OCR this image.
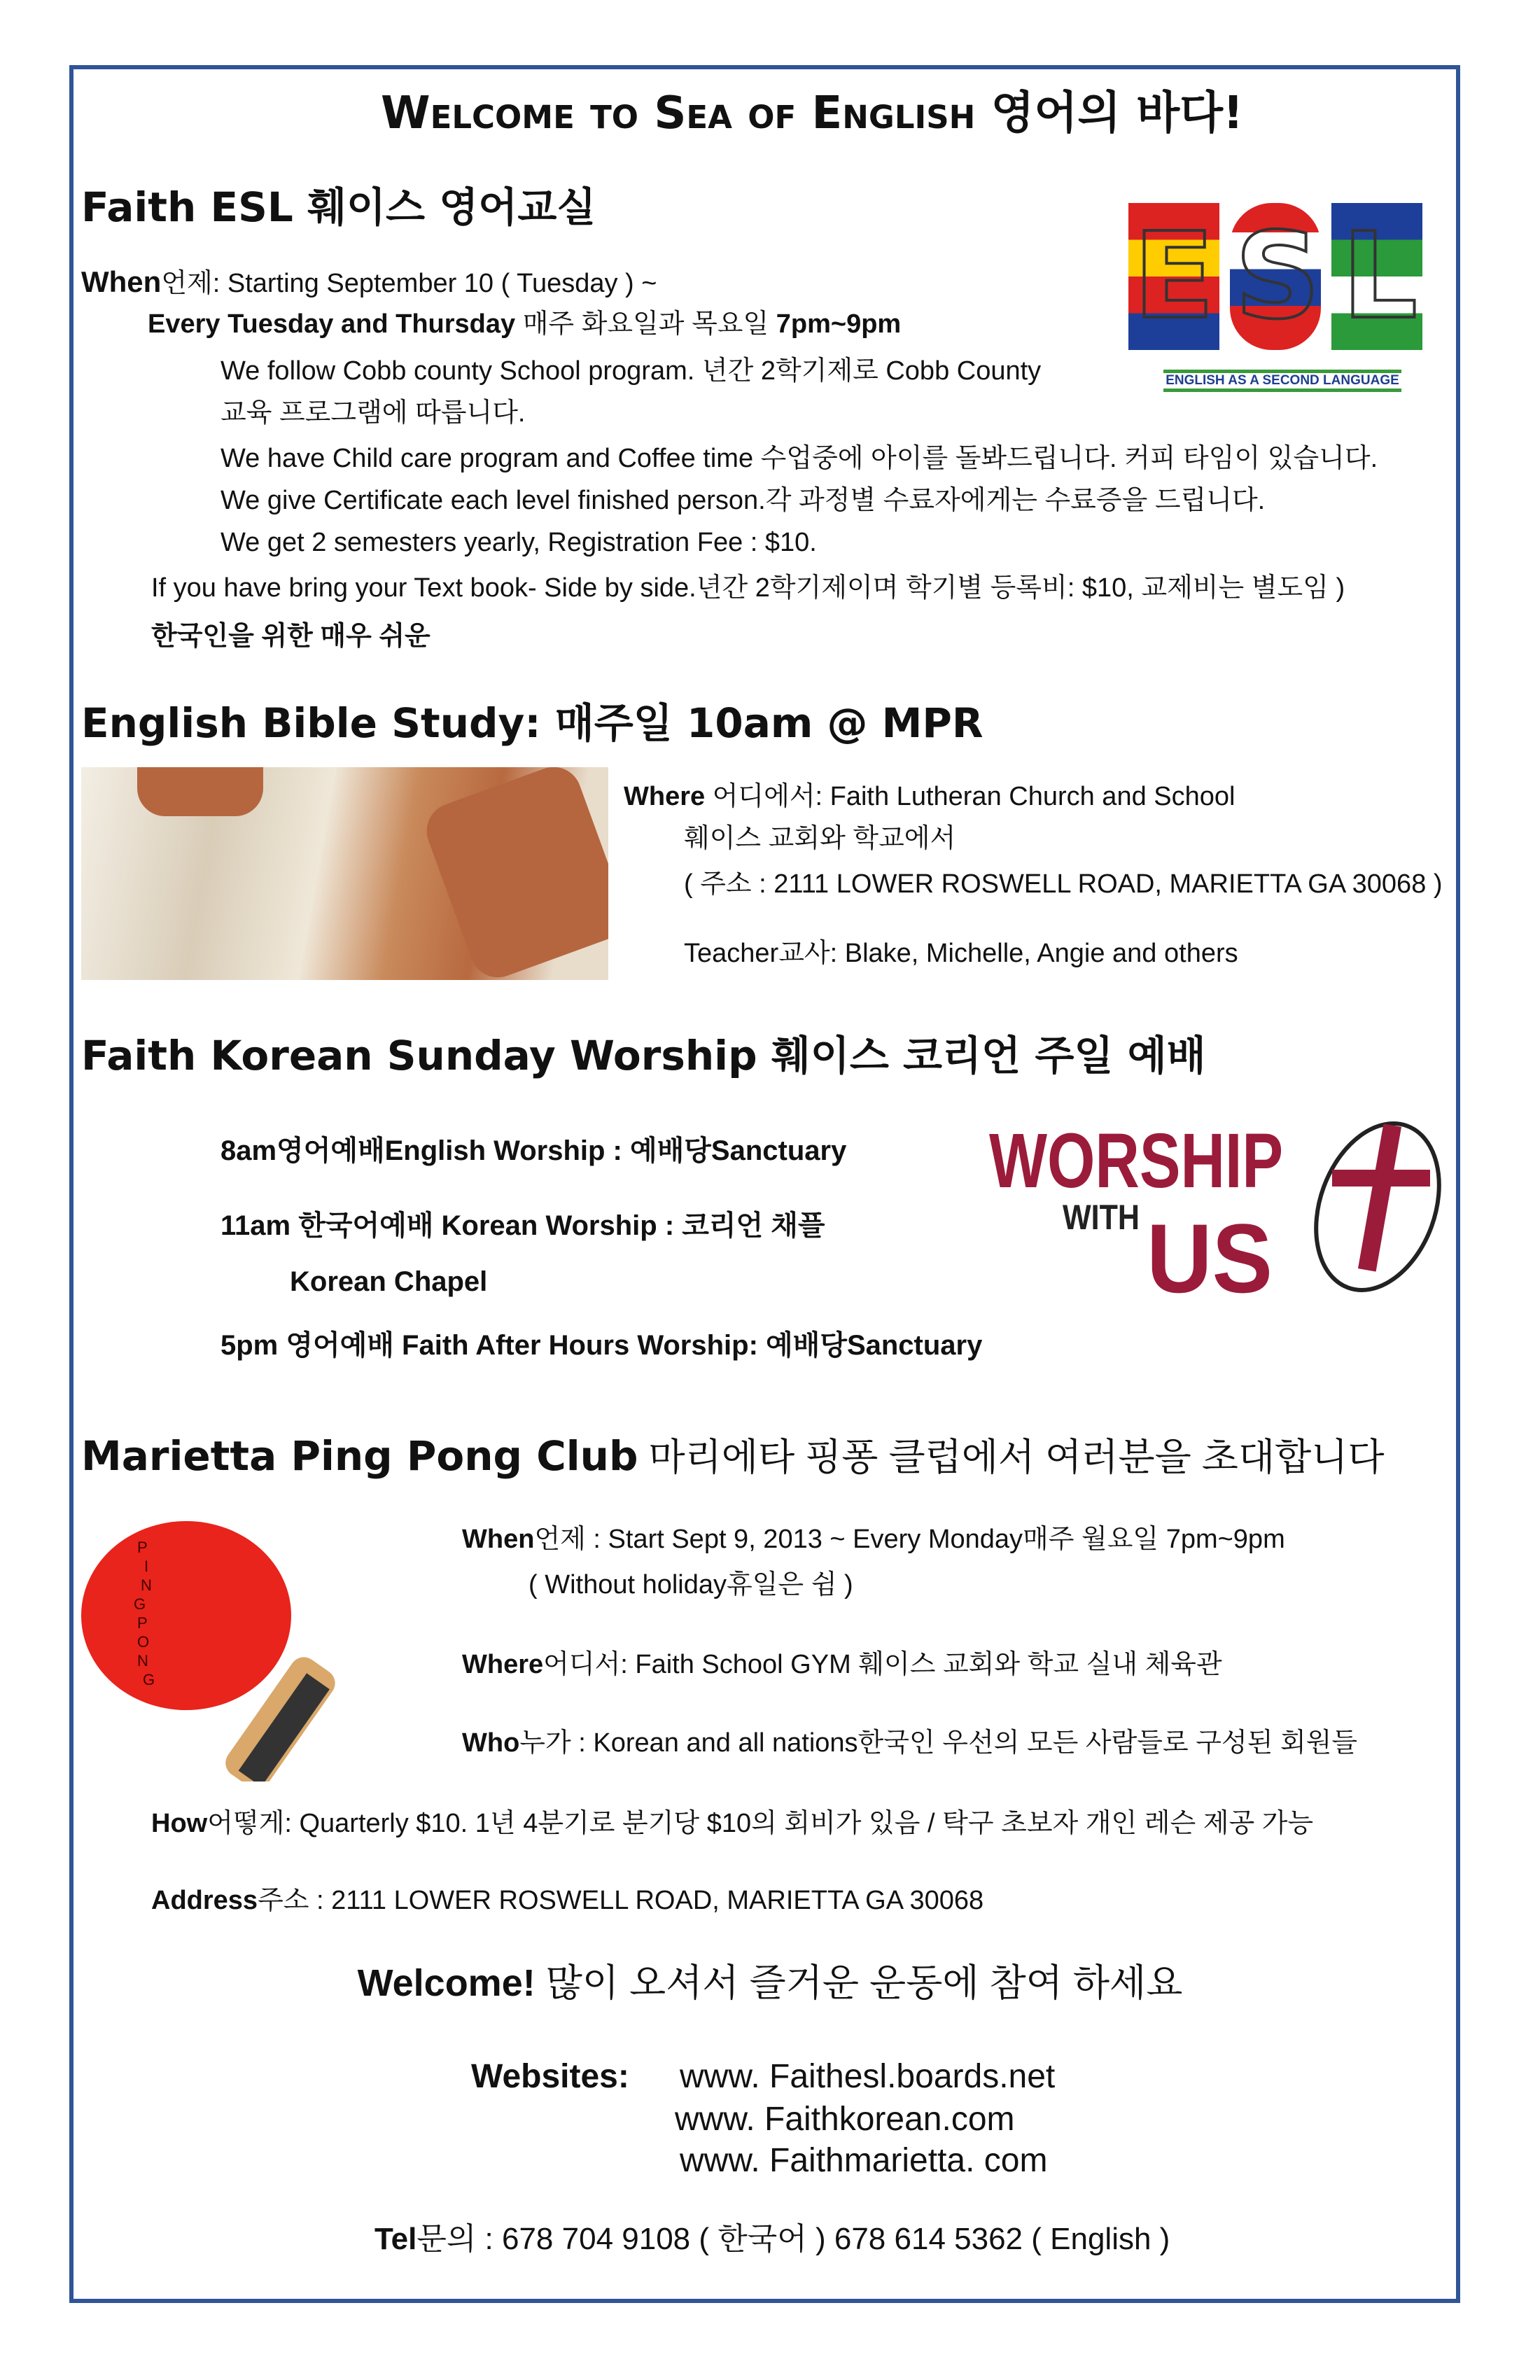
Welcome to Sea of English 영어의 바다!
Faith ESL 훼이스 영어교실
When언제: Starting September 10 ( Tuesday ) ~
Every Tuesday and Thursday 매주 화요일과 목요일 7pm~9pm
We follow Cobb county School program. 년간 2학기제로 Cobb County
교육 프로그램에 따릅니다.
We have Child care program and Coffee time 수업중에 아이를 돌봐드립니다. 커피 타임이 있습니다.
We give Certificate each level finished person.각 과정별 수료자에게는 수료증을 드립니다.
We get 2 semesters yearly, Registration Fee : $10.
If you have bring your Text book- Side by side.년간 2학기제이며 학기별 등록비: $10, 교제비는 별도임 )
한국인을 위한 매우 쉬운
E S L
ENGLISH AS A SECOND LANGUAGE
English Bible Study: 매주일 10am @ MPR
Where 어디에서: Faith Lutheran Church and School
훼이스 교회와 학교에서
( 주소 : 2111 LOWER ROSWELL ROAD, MARIETTA GA 30068 )
Teacher교사: Blake, Michelle, Angie and others
Faith Korean Sunday Worship 훼이스 코리언 주일 예배
8am영어예배English Worship : 예배당Sanctuary
11am 한국어예배 Korean Worship : 코리언 채플
Korean Chapel
5pm 영어예배 Faith After Hours Worship: 예배당Sanctuary
WORSHIP
WITH US
Marietta Ping Pong Club 마리에타 핑퐁 클럽에서 여러분을 초대합니다
P
I
N
G
P
O
N
G
When언제 : Start Sept 9, 2013 ~ Every Monday매주 월요일 7pm~9pm
( Without holiday휴일은 쉼 )
Where어디서: Faith School GYM 훼이스 교회와 학교 실내 체육관
Who누가 : Korean and all nations한국인 우선의 모든 사람들로 구성된 회원들
How어떻게: Quarterly $10. 1년 4분기로 분기당 $10의 회비가 있음 / 탁구 초보자 개인 레슨 제공 가능
Address주소 : 2111 LOWER ROSWELL ROAD, MARIETTA GA 30068
Welcome! 많이 오셔서 즐거운 운동에 참여 하세요
Websites: www. Faithesl.boards.net
www. Faithkorean.com
www. Faithmarietta. com
Tel문의 : 678 704 9108 ( 한국어 ) 678 614 5362 ( English )
